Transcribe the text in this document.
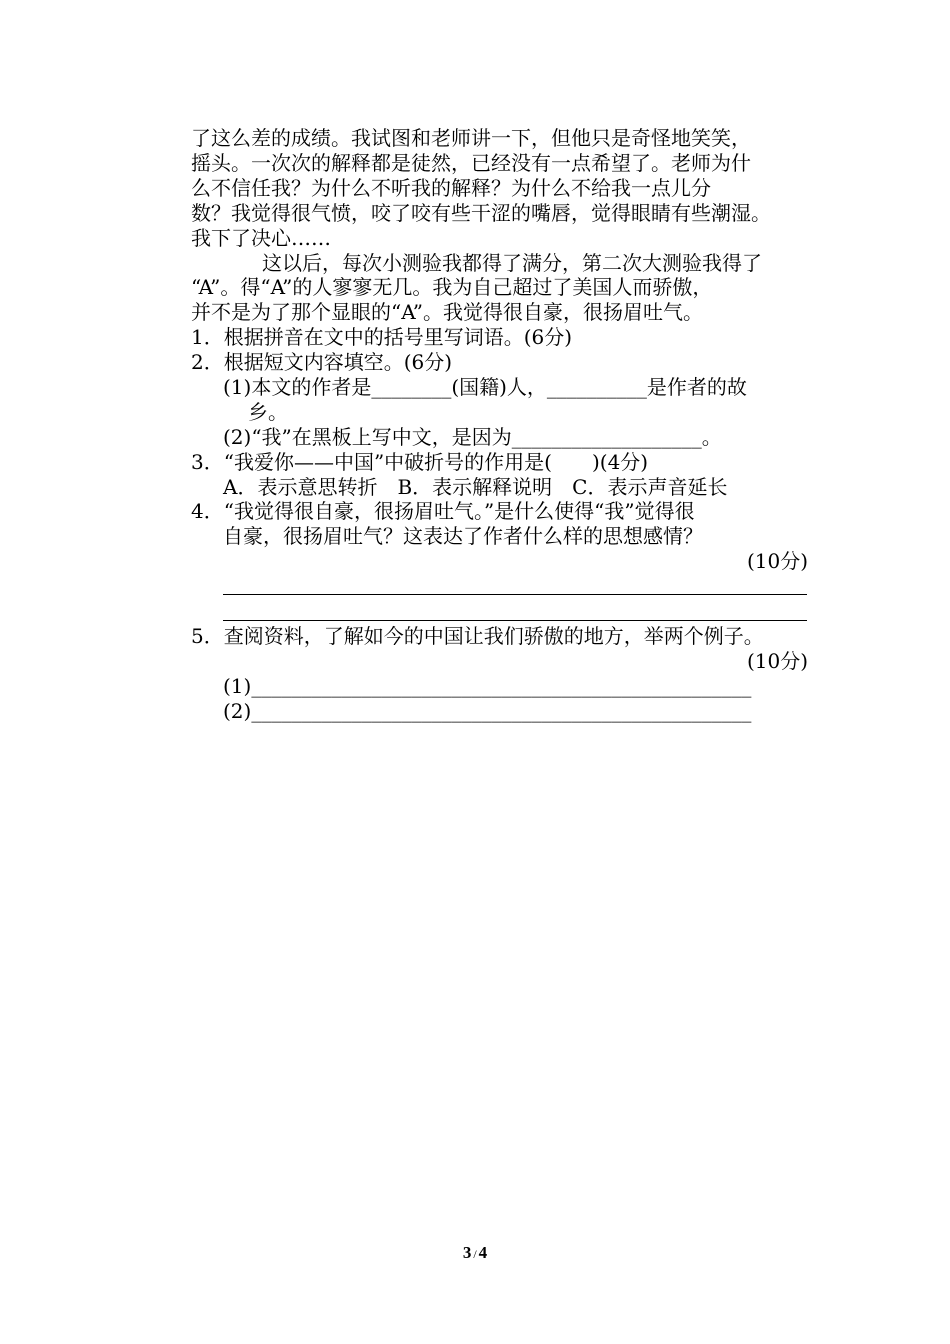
了这么差的成绩。我试图和老师讲一下，但他只是奇怪地笑笑，
摇头。一次次的解释都是徒然，已经没有一点希望了。老师为什
么不信任我？为什么不听我的解释？为什么不给我一点儿分
数？我觉得很气愤，咬了咬有些干涩的嘴唇，觉得眼睛有些潮湿。
我下了决心……
这以后，每次小测验我都得了满分，第二次大测验我得了
“A”。得“A”的人寥寥无几。我为自己超过了美国人而骄傲，
并不是为了那个显眼的“A”。我觉得很自豪，很扬眉吐气。
1．根据拼音在文中的括号里写词语。(6分)
2．根据短文内容填空。(6分)
(1)本文的作者是________(国籍)人，__________是作者的故
乡。
(2)“我”在黑板上写中文，是因为___________________。
3．“我爱你——中国”中破折号的作用是(　　)(4分)
A．表示意思转折　B．表示解释说明　C．表示声音延长
4．“我觉得很自豪，很扬眉吐气。”是什么使得“我”觉得很
自豪，很扬眉吐气？这表达了作者什么样的思想感情？
(10分)
5．查阅资料，了解如今的中国让我们骄傲的地方，举两个例子。
(10分)
(1)__________________________________________________
(2)__________________________________________________
3 / 4
